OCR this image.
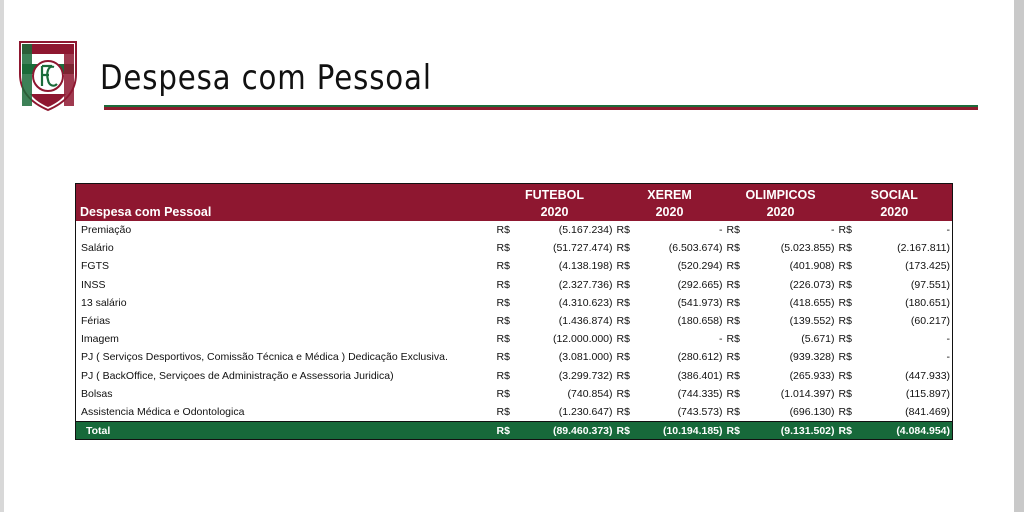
Despesa com Pessoal
	FUTEBOL		XEREM		OLIMPICOS		SOCIAL	
Despesa com Pessoal	2020		2020		2020		2020	
Premiação	R$	(5.167.234)	R$	-	R$	-	R$	-
Salário	R$	(51.727.474)	R$	(6.503.674)	R$	(5.023.855)	R$	(2.167.811)
FGTS	R$	(4.138.198)	R$	(520.294)	R$	(401.908)	R$	(173.425)
INSS	R$	(2.327.736)	R$	(292.665)	R$	(226.073)	R$	(97.551)
13 salário	R$	(4.310.623)	R$	(541.973)	R$	(418.655)	R$	(180.651)
Férias	R$	(1.436.874)	R$	(180.658)	R$	(139.552)	R$	(60.217)
Imagem	R$	(12.000.000)	R$	-	R$	(5.671)	R$	-
PJ ( Serviços Desportivos, Comissão Técnica e Médica ) Dedicação Exclusiva.	R$	(3.081.000)	R$	(280.612)	R$	(939.328)	R$	-
PJ ( BackOffice, Serviçoes de Administração e Assessoria Juridica)	R$	(3.299.732)	R$	(386.401)	R$	(265.933)	R$	(447.933)
Bolsas	R$	(740.854)	R$	(744.335)	R$	(1.014.397)	R$	(115.897)
Assistencia Médica e Odontologica	R$	(1.230.647)	R$	(743.573)	R$	(696.130)	R$	(841.469)
Total	R$	(89.460.373)	R$	(10.194.185)	R$	(9.131.502)	R$	(4.084.954)
